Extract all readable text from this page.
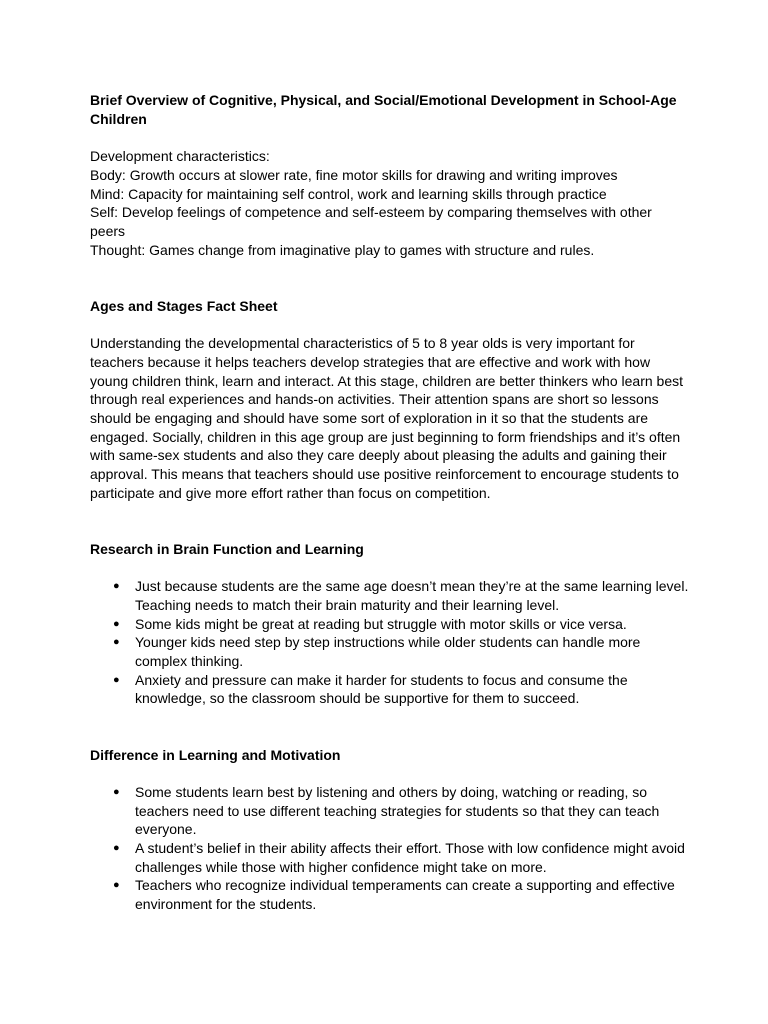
Brief Overview of Cognitive, Physical, and Social/Emotional Development in School-Age Children

Development characteristics:

Body: Growth occurs at slower rate, fine motor skills for drawing and writing improves

Mind: Capacity for maintaining self control, work and learning skills through practice

Self: Develop feelings of competence and self-esteem by comparing themselves with other peers

Thought: Games change from imaginative play to games with structure and rules.

Ages and Stages Fact Sheet

Understanding the developmental characteristics of 5 to 8 year olds is very important for teachers because it helps teachers develop strategies that are effective and work with how young children think, learn and interact. At this stage, children are better thinkers who learn best through real experiences and hands-on activities. Their attention spans are short so lessons should be engaging and should have some sort of exploration in it so that the students are engaged. Socially, children in this age group are just beginning to form friendships and it’s often with same-sex students and also they care deeply about pleasing the adults and gaining their approval. This means that teachers should use positive reinforcement to encourage students to participate and give more effort rather than focus on competition.

Research in Brain Function and Learning

● Just because students are the same age doesn’t mean they’re at the same learning level. Teaching needs to match their brain maturity and their learning level.
● Some kids might be great at reading but struggle with motor skills or vice versa.
● Younger kids need step by step instructions while older students can handle more complex thinking.
● Anxiety and pressure can make it harder for students to focus and consume the knowledge, so the classroom should be supportive for them to succeed.

Difference in Learning and Motivation

● Some students learn best by listening and others by doing, watching or reading, so teachers need to use different teaching strategies for students so that they can teach everyone.
● A student’s belief in their ability affects their effort. Those with low confidence might avoid challenges while those with higher confidence might take on more.
● Teachers who recognize individual temperaments can create a supporting and effective environment for the students.
